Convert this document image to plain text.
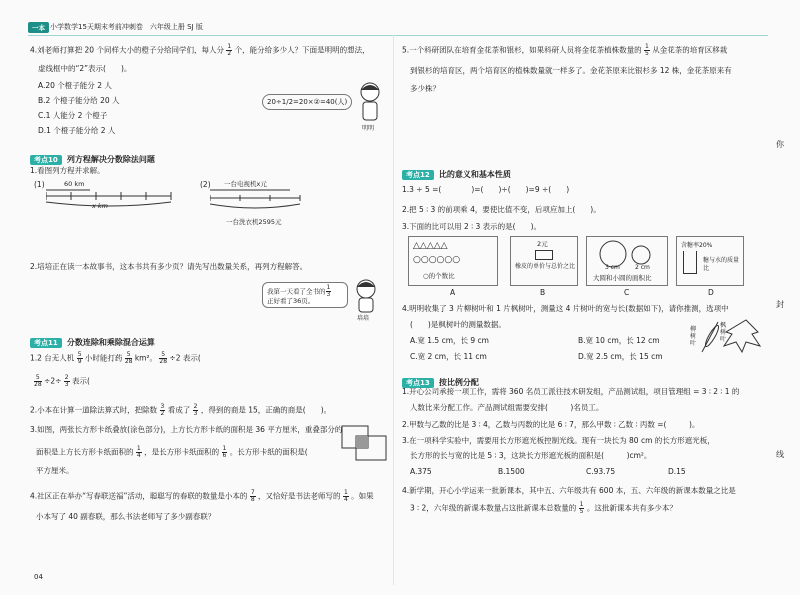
一本 小学数学15天期末考前冲刺卷　六年级上册 SJ 版
4.刘老师打算把 20 个同样大小的橙子分给同学们，每人分 $\frac{1}{2}$ 个，能分给多少人？下面是明明的想法，
虚线框中的“2”表示(　　)。
A.20 个橙子能分 2 人
B.2 个橙子能分给 20 人
C.1 人能分 2 个橙子
D.1 个橙子能分给 2 人
20÷1/2=20×②=40(人)
明明
考点10 列方程解决分数除法问题
1.看图列方程并求解。
(1)	60 km
x km
(2) 一台电视机x元
一台洗衣机2595元
2.培培正在读一本故事书，这本书共有多少页？请先写出数量关系，再列方程解答。
我第一天看了全书的 $\frac{1}{3}$
正好看了36页。
培培
考点11 分数连除和乘除混合运算
1.2 台无人机 $\frac{5}{9}$ 小时能打药 $\frac{5}{28} km^2$。 $\frac{5}{28} \div 2$ 表示(
$\frac{5}{28} \div 2\div \frac{2}{3}$ 表示(
2.小本在计算一道除法算式时，把除数 $\frac{3}{2}$ 看成了 $\frac{2}{3}$ ，得到的商是 15，正确的商是(　　)。
3.如图，两张长方形卡纸叠放(涂色部分)，上方长方形卡纸的面积是 36 平方厘米，重叠部分的
面积是上方长方形卡纸面积的 $\frac{1}{4}$ ，是长方形卡纸面积的 $\frac{1}{6}$ 。长方形卡纸的面积是(
平方厘米。
4.社区正在举办“写春联送福”活动，聪聪写的春联的数量是小本的 $\frac{7}{8}$ ，又恰好是书法老师写的 $\frac{1}{4}$ 。如果
小本写了 40 副春联，那么书法老师写了多少副春联？
04
5.一个科研团队在培育金花茶和银杉，如果科研人员将金花茶植株数量的 $\frac{1}{5}$ 从金花茶的培育区移栽
到银杉的培育区，两个培育区的植株数量就一样多了。金花茶原来比银杉多 12 株，金花茶原来有
多少株？
考点12 比的意义和基本性质
1.3 ÷ 5 =(　　　　)=(　　)÷(　　)=9 ÷(　　)
2.把 5 ∶ 3 的前项乘 4，要使比值不变，后项应加上(　　)。
3.下面的比可以用 2 ∶ 3 表示的是(　　)。
△△△△△
○○○○○○
○的个数比
2元
橡皮的单价与总价之比	3 cm	2 cm
大圆和小圆的面积比
含糖率20%
糖与水的质量比
A	B	C	D
4.明明收集了 3 片柳树叶和 1 片枫树叶，测量这 4 片树叶的宽与长(数据如下)，请你推测，选项中
(　　)是枫树叶的测量数据。
A.宽 1.5 cm，长 9 cm	B.宽 10 cm，长 12 cm
C.宽 2 cm，长 11 cm	D.宽 2.5 cm，长 15 cm
柳树叶
枫树叶
考点13 按比例分配
1.开心公司承接一项工作，需将 360 名员工派往技术研发组，产品测试组，项目管理组 = 3 ∶ 2 ∶ 1 的
人数比来分配工作。产品测试组需要安排(　　　)名员工。
2.甲数与乙数的比是 3 ∶ 4，乙数与丙数的比是 6 ∶ 7，那么甲数 ∶ 乙数 ∶ 丙数 =(　　　)。
3.在一项科学实验中，需要用长方形遮光板控制光线。现有一块长为 80 cm 的长方形遮光板，
长方形的长与宽的比是 5 ∶ 3，这块长方形遮光板的面积是(　　　)cm²。
A.375	B.1500	C.93.75	D.15
4.新学期，开心小学运来一批新课本，其中五、六年级共有 600 本，五、六年级的新课本数量之比是
3 ∶ 2，六年级的新课本数量占这批新课本总数量的 $\frac{1}{5}$ 。这批新课本共有多少本？
你
封
线
